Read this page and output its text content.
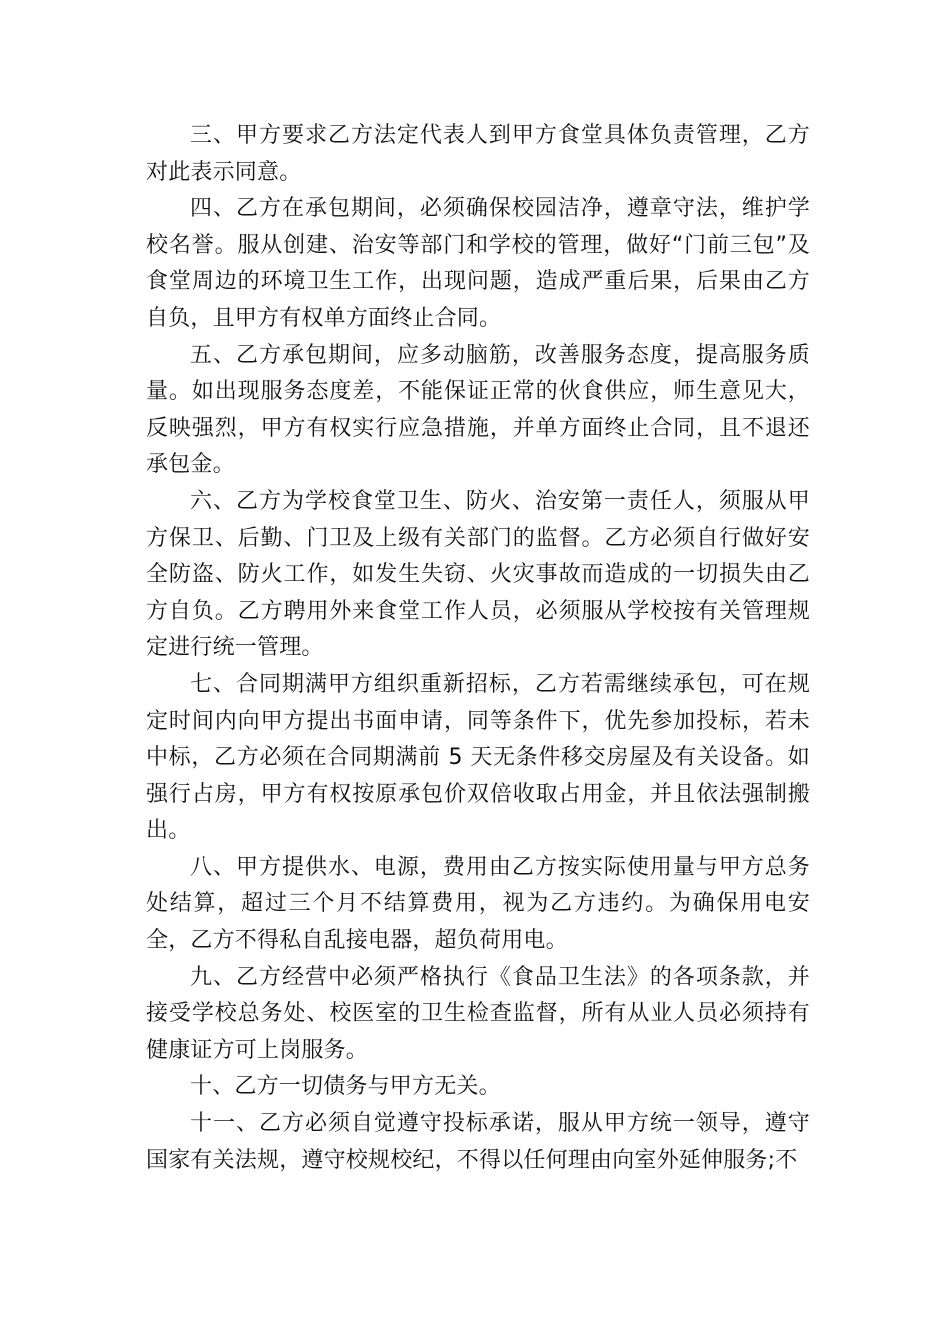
三、甲方要求乙方法定代表人到甲方食堂具体负责管理，乙方对此表示同意。

四、乙方在承包期间，必须确保校园洁净，遵章守法，维护学校名誉。服从创建、治安等部门和学校的管理，做好“门前三包”及食堂周边的环境卫生工作，出现问题，造成严重后果，后果由乙方自负，且甲方有权单方面终止合同。

五、乙方承包期间，应多动脑筋，改善服务态度，提高服务质量。如出现服务态度差，不能保证正常的伙食供应，师生意见大，反映强烈，甲方有权实行应急措施，并单方面终止合同，且不退还承包金。

六、乙方为学校食堂卫生、防火、治安第一责任人，须服从甲方保卫、后勤、门卫及上级有关部门的监督。乙方必须自行做好安全防盗、防火工作，如发生失窃、火灾事故而造成的一切损失由乙方自负。乙方聘用外来食堂工作人员，必须服从学校按有关管理规定进行统一管理。

七、合同期满甲方组织重新招标，乙方若需继续承包，可在规定时间内向甲方提出书面申请，同等条件下，优先参加投标，若未中标，乙方必须在合同期满前 5 天无条件移交房屋及有关设备。如强行占房，甲方有权按原承包价双倍收取占用金，并且依法强制搬出。

八、甲方提供水、电源，费用由乙方按实际使用量与甲方总务处结算，超过三个月不结算费用，视为乙方违约。为确保用电安全，乙方不得私自乱接电器，超负荷用电。

九、乙方经营中必须严格执行《食品卫生法》的各项条款，并接受学校总务处、校医室的卫生检查监督，所有从业人员必须持有健康证方可上岗服务。

十、乙方一切债务与甲方无关。

十一、乙方必须自觉遵守投标承诺，服从甲方统一领导，遵守国家有关法规，遵守校规校纪，不得以任何理由向室外延伸服务;不
